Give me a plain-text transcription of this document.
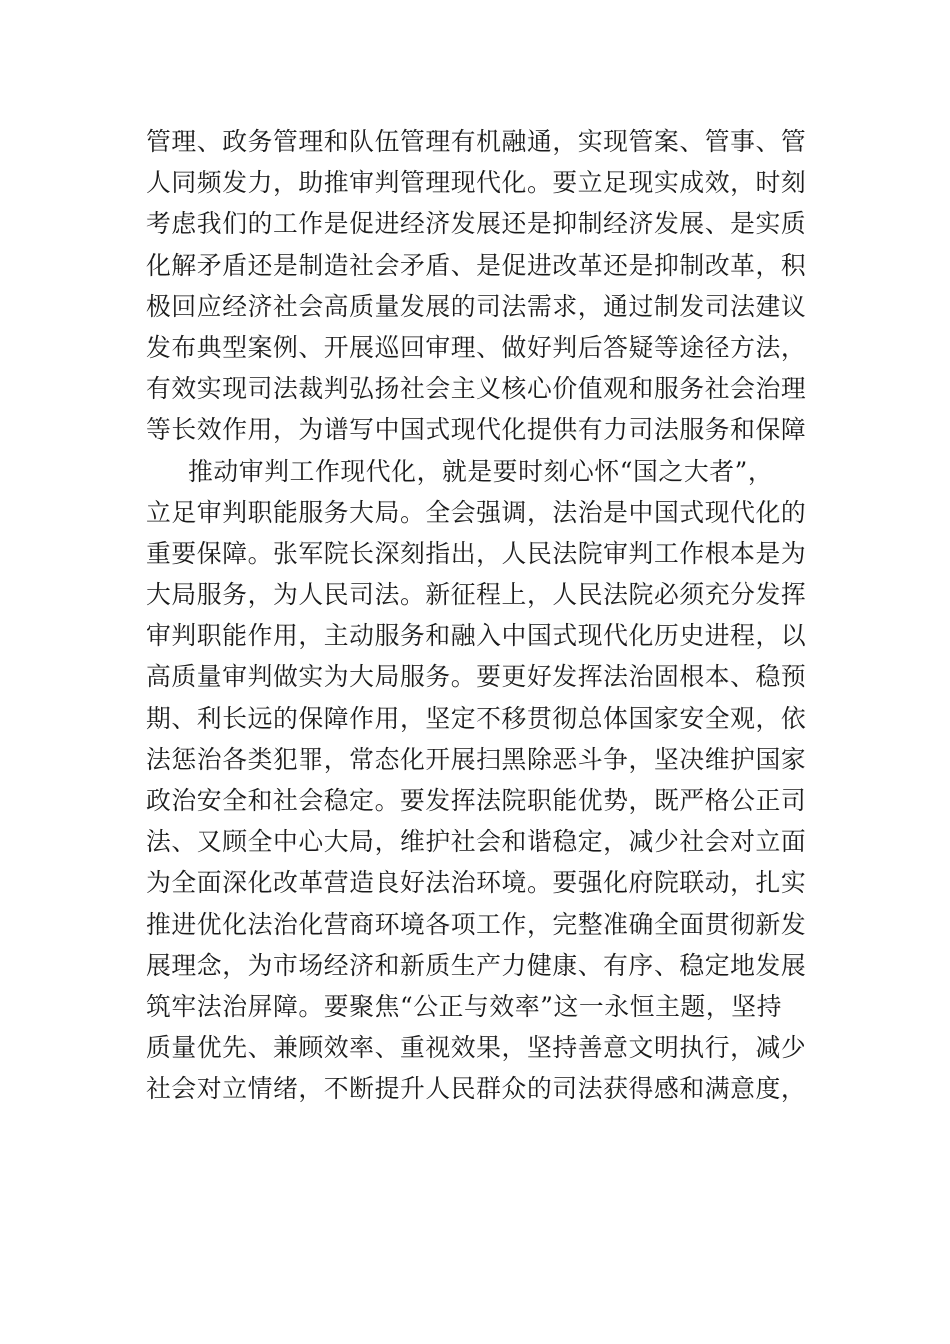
管理、政务管理和队伍管理有机融通，实现管案、管事、管
人同频发力，助推审判管理现代化。要立足现实成效，时刻
考虑我们的工作是促进经济发展还是抑制经济发展、是实质
化解矛盾还是制造社会矛盾、是促进改革还是抑制改革，积
极回应经济社会高质量发展的司法需求，通过制发司法建议
发布典型案例、开展巡回审理、做好判后答疑等途径方法，
有效实现司法裁判弘扬社会主义核心价值观和服务社会治理
等长效作用，为谱写中国式现代化提供有力司法服务和保障
推动审判工作现代化，就是要时刻心怀“国之大者”，
立足审判职能服务大局。全会强调，法治是中国式现代化的
重要保障。张军院长深刻指出，人民法院审判工作根本是为
大局服务，为人民司法。新征程上，人民法院必须充分发挥
审判职能作用，主动服务和融入中国式现代化历史进程，以
高质量审判做实为大局服务。要更好发挥法治固根本、稳预
期、利长远的保障作用，坚定不移贯彻总体国家安全观，依
法惩治各类犯罪，常态化开展扫黑除恶斗争，坚决维护国家
政治安全和社会稳定。要发挥法院职能优势，既严格公正司
法、又顾全中心大局，维护社会和谐稳定，减少社会对立面
为全面深化改革营造良好法治环境。要强化府院联动，扎实
推进优化法治化营商环境各项工作，完整准确全面贯彻新发
展理念，为市场经济和新质生产力健康、有序、稳定地发展
筑牢法治屏障。要聚焦“公正与效率”这一永恒主题，坚持
质量优先、兼顾效率、重视效果，坚持善意文明执行，减少
社会对立情绪，不断提升人民群众的司法获得感和满意度，
